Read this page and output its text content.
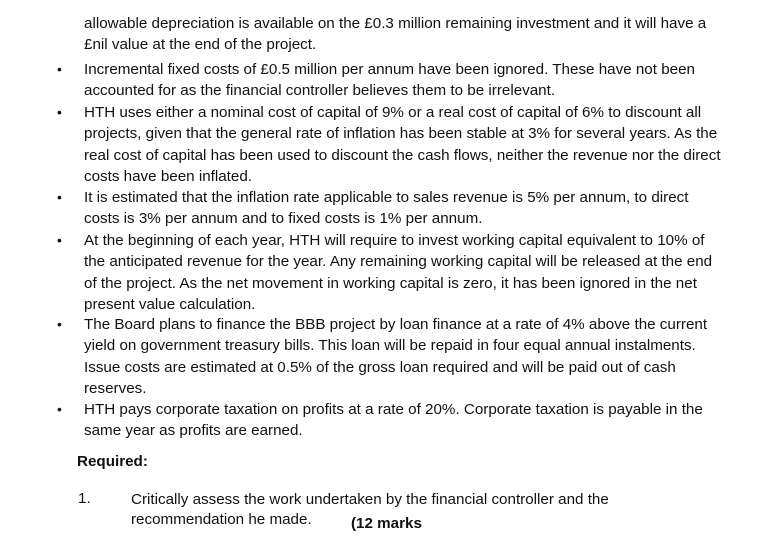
allowable depreciation is available on the £0.3 million remaining investment and it will have a £nil value at the end of the project.
• Incremental fixed costs of £0.5 million per annum have been ignored. These have not been accounted for as the financial controller believes them to be irrelevant.
• HTH uses either a nominal cost of capital of 9% or a real cost of capital of 6% to discount all projects, given that the general rate of inflation has been stable at 3% for several years. As the real cost of capital has been used to discount the cash flows, neither the revenue nor the direct costs have been inflated.
• It is estimated that the inflation rate applicable to sales revenue is 5% per annum, to direct costs is 3% per annum and to fixed costs is 1% per annum.
• At the beginning of each year, HTH will require to invest working capital equivalent to 10% of the anticipated revenue for the year. Any remaining working capital will be released at the end of the project. As the net movement in working capital is zero, it has been ignored in the net present value calculation.
• The Board plans to finance the BBB project by loan finance at a rate of 4% above the current yield on government treasury bills. This loan will be repaid in four equal annual instalments. Issue costs are estimated at 0.5% of the gross loan required and will be paid out of cash reserves.
• HTH pays corporate taxation on profits at a rate of 20%. Corporate taxation is payable in the same year as profits are earned.
Required:
1.	Critically assess the work undertaken by the financial controller and the recommendation he made.	(12 marks
